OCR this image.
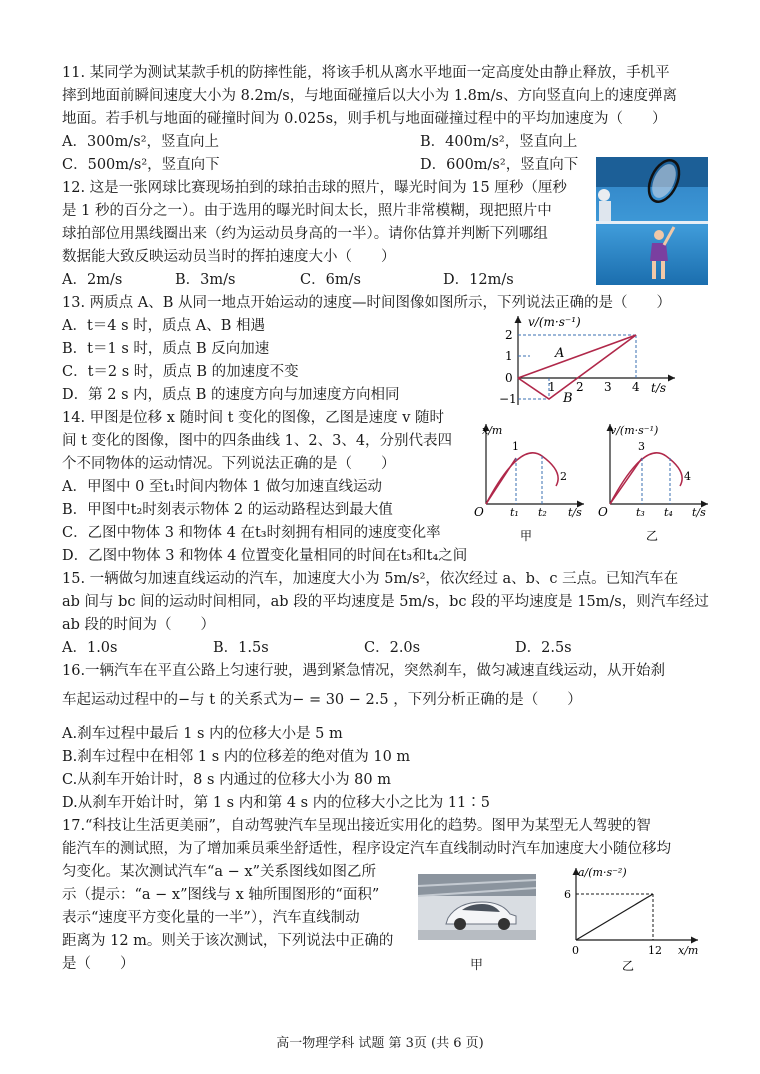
11. 某同学为测试某款手机的防摔性能，将该手机从离水平地面一定高度处由静止释放，手机平
摔到地面前瞬间速度大小为 8.2m/s，与地面碰撞后以大小为 1.8m/s、方向竖直向上的速度弹离
地面。若手机与地面的碰撞时间为 0.025s，则手机与地面碰撞过程中的平均加速度为（　　）
A．300m/s²，竖直向上	B．400m/s²，竖直向上
C．500m/s²，竖直向下	D．600m/s²，竖直向下
12. 这是一张网球比赛现场拍到的球拍击球的照片，曝光时间为 15 厘秒（厘秒
是 1 秒的百分之一）。由于选用的曝光时间太长，照片非常模糊，现把照片中
球拍部位用黑线圈出来（约为运动员身高的一半）。请你估算并判断下列哪组
数据能大致反映运动员当时的挥拍速度大小（　　）
A．2m/s	B．3m/s	C．6m/s	D．12m/s
13. 两质点 A、B 从同一地点开始运动的速度—时间图像如图所示，下列说法正确的是（　　）
A．t＝4 s 时，质点 A、B 相遇
B．t＝1 s 时，质点 B 反向加速
C．t＝2 s 时，质点 B 的加速度不变
D．第 2 s 内，质点 B 的速度方向与加速度方向相同
v/(m·s⁻¹)
t/s
2
1
0
−1
1 2 3 4
A
B
14. 甲图是位移 x 随时间 t 变化的图像，乙图是速度 v 随时
间 t 变化的图像，图中的四条曲线 1、2、3、4，分别代表四
个不同物体的运动情况。下列说法正确的是（　　）
A．甲图中 0 至t₁时间内物体 1 做匀加速直线运动
B．甲图中t₂时刻表示物体 2 的运动路程达到最大值
C．乙图中物体 3 和物体 4 在t₃时刻拥有相同的速度变化率
D．乙图中物体 3 和物体 4 位置变化量相同的时间在t₃和t₄之间
x/m
O	t/s
1
2
t₁ t₂
甲
v/(m·s⁻¹)
O	t/s
3
4
t₃ t₄
乙
15. 一辆做匀加速直线运动的汽车，加速度大小为 5m/s²，依次经过 a、b、c 三点。已知汽车在
ab 间与 bc 间的运动时间相同，ab 段的平均速度是 5m/s，bc 段的平均速度是 15m/s，则汽车经过
ab 段的时间为（　　）
A．1.0s	B．1.5s	C．2.0s	D．2.5s
16.一辆汽车在平直公路上匀速行驶，遇到紧急情况，突然刹车，做匀减速直线运动，从开始刹
车起运动过程中的−与 t 的关系式为− = 30 − 2.5 ，下列分析正确的是（　　）
A.刹车过程中最后 1 s 内的位移大小是 5 m
B.刹车过程中在相邻 1 s 内的位移差的绝对值为 10 m
C.从刹车开始计时，8 s 内通过的位移大小为 80 m
D.从刹车开始计时，第 1 s 内和第 4 s 内的位移大小之比为 11∶5
17.“科技让生活更美丽”，自动驾驶汽车呈现出接近实用化的趋势。图甲为某型无人驾驶的智
能汽车的测试照，为了增加乘员乘坐舒适性，程序设定汽车直线制动时汽车加速度大小随位移均
匀变化。某次测试汽车“a − x”关系图线如图乙所
示（提示：“a − x”图线与 x 轴所围图形的“面积”
表示“速度平方变化量的一半”），汽车直线制动
距离为 12 m。则关于该次测试，下列说法中正确的
是（　　）	甲
a/(m·s⁻²)
x/m
6
12
0
乙
高一物理学科 试题 第 3页 (共 6 页)
